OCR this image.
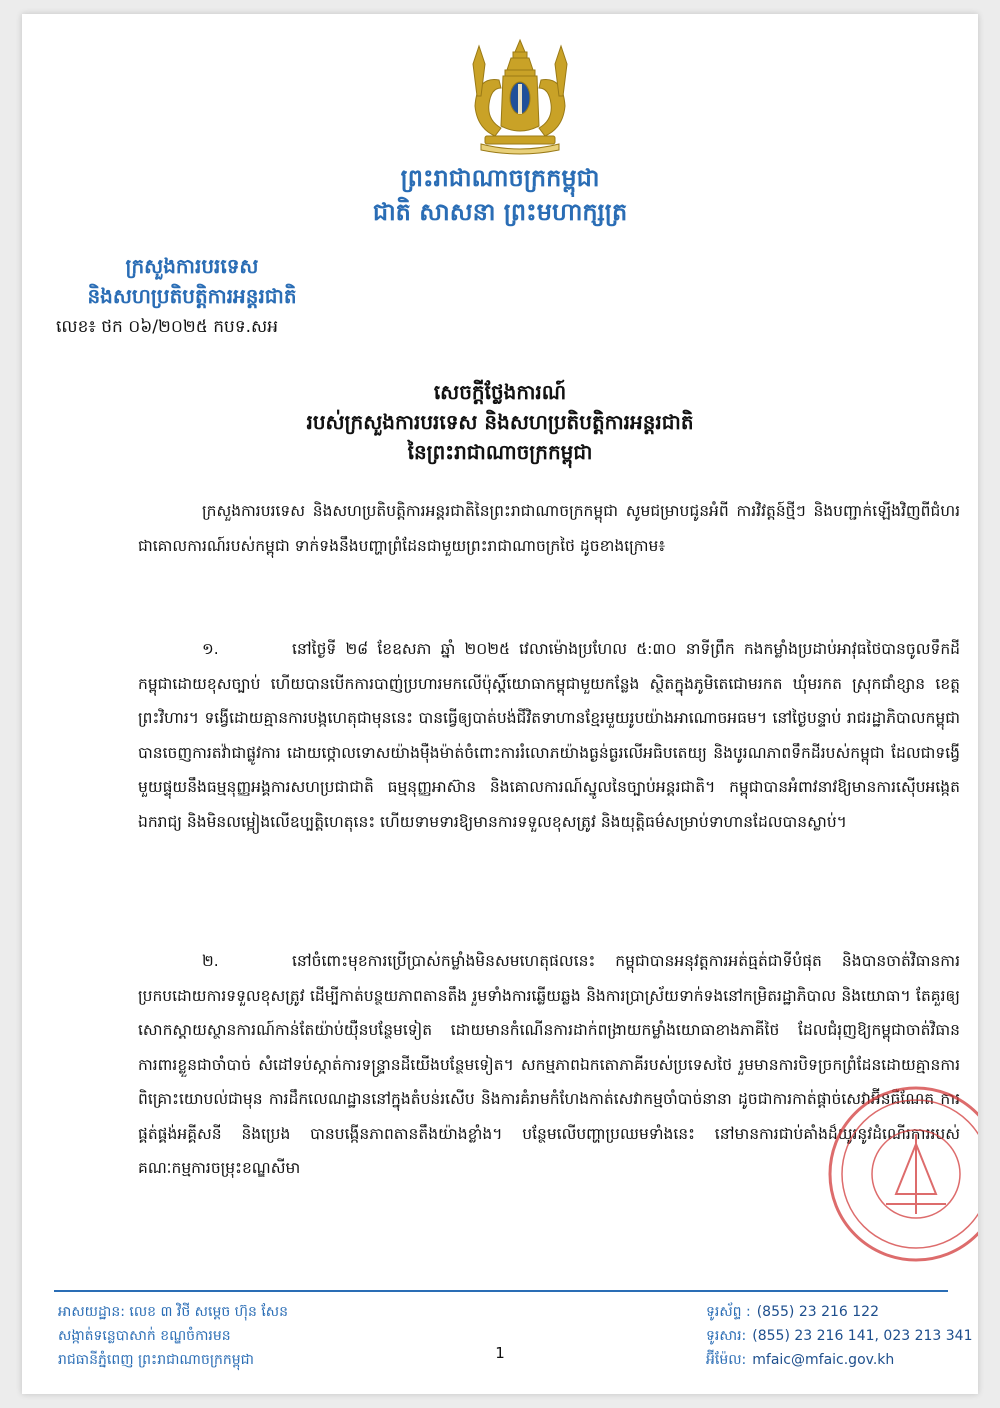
ព្រះរាជាណាចក្រកម្ពុជា
ជាតិ សាសនា ព្រះមហាក្សត្រ
ក្រសួងការបរទេស
និងសហប្រតិបត្តិការអន្តរជាតិ
លេខ៖ ថក ០៦/២០២៥ កបទ.សអ
សេចក្តីថ្លែងការណ៍
របស់ក្រសួងការបរទេស និងសហប្រតិបត្តិការអន្តរជាតិ
នៃព្រះរាជាណាចក្រកម្ពុជា

ក្រសួងការបរទេស និងសហប្រតិបត្តិការអន្តរជាតិនៃព្រះរាជាណាចក្រកម្ពុជា សូមជម្រាបជូនអំពី ការវិវត្តន៍ថ្មីៗ និងបញ្ជាក់ឡើងវិញពីជំហរជាគោលការណ៍របស់កម្ពុជា ទាក់ទងនឹងបញ្ហាព្រំដែនជាមួយព្រះរាជាណាចក្រថៃ ដូចខាងក្រោម៖

១.	នៅថ្ងៃទី ២៨ ខែឧសភា ឆ្នាំ ២០២៥ វេលាម៉ោងប្រហែល ៥:៣០ នាទីព្រឹក កងកម្លាំងប្រដាប់អាវុធថៃបានចូលទឹកដីកម្ពុជាដោយខុសច្បាប់ ហើយបានបើកការបាញ់ប្រហារមកលើប៉ុស្តិ៍យោធាកម្ពុជាមួយកន្លែង ស្ថិតក្នុងភូមិតេជោមរកត ឃុំមរកត ស្រុកជាំខ្សាន ខេត្តព្រះវិហារ។ ទង្វើដោយគ្មានការបង្កហេតុជាមុននេះ បានធ្វើឲ្យបាត់បង់ជីវិតទាហានខ្មែរមួយរូបយ៉ាងអាណោចអធម។ នៅថ្ងៃបន្ទាប់ រាជរដ្ឋាភិបាលកម្ពុជាបានចេញការតវ៉ាជាផ្លូវការ ដោយថ្កោលទោសយ៉ាងម៉ឺងម៉ាត់ចំពោះការរំលោភយ៉ាងធ្ងន់ធ្ងរលើអធិបតេយ្យ និងបូរណភាពទឹកដីរបស់កម្ពុជា ដែលជាទង្វើមួយផ្ទុយនឹងធម្មនុញ្ញអង្គការសហប្រជាជាតិ ធម្មនុញ្ញអាស៊ាន និងគោលការណ៍ស្នូលនៃច្បាប់អន្តរជាតិ។ កម្ពុជាបានអំពាវនាវឱ្យមានការស៊ើបអង្កេតឯករាជ្យ និងមិនលម្អៀងលើឧប្បត្តិហេតុនេះ ហើយទាមទារឱ្យមានការទទួលខុសត្រូវ និងយុត្តិធម៌សម្រាប់ទាហានដែលបានស្លាប់។

២.	នៅចំពោះមុខការប្រើប្រាស់កម្លាំងមិនសមហេតុផលនេះ កម្ពុជាបានអនុវត្តការអត់ធ្មត់ជាទីបំផុត និងបានចាត់វិធានការប្រកបដោយការទទួលខុសត្រូវ ដើម្បីកាត់បន្ថយភាពតានតឹង រួមទាំងការឆ្លើយឆ្លង និងការប្រាស្រ័យទាក់ទងនៅកម្រិតរដ្ឋាភិបាល និងយោធា។ តែគួរឲ្យសោកស្តាយស្ថានការណ៍កាន់តែយ៉ាប់យ៉ឺនបន្ថែមទៀត ដោយមានកំណើនការដាក់ពង្រាយកម្លាំងយោធាខាងភាគីថៃ ដែលជំរុញឱ្យកម្ពុជាចាត់វិធានការពារខ្លួនជាចាំបាច់ សំដៅទប់ស្កាត់ការទន្ទ្រានដីយើងបន្ថែមទៀត។ សកម្មភាពឯកតោភាគីរបស់ប្រទេសថៃ រួមមានការបិទច្រកព្រំដែនដោយគ្មានការពិគ្រោះយោបល់ជាមុន ការដឹកលេណដ្ឋាននៅក្នុងតំបន់រសើប និងការគំរាមកំហែងកាត់សេវាកម្មចាំបាច់នានា ដូចជាការកាត់ផ្តាច់សេវាអ៊ីនធឺណែត ការផ្គត់ផ្គង់អគ្គីសនី និងប្រេង បានបង្កើនភាពតានតឹងយ៉ាងខ្លាំង។ បន្ថែមលើបញ្ហាប្រឈមទាំងនេះ នៅមានការជាប់គាំងដ៏យូរនូវដំណើរការរបស់គណៈកម្មការចម្រុះខណ្ឌសីមា

*
អាសយដ្ឋាន: លេខ ៣ វិថី សម្តេច ហ៊ុន សែន
សង្កាត់ទន្លេបាសាក់ ខណ្ឌចំការមន
រាជធានីភ្នំពេញ ព្រះរាជាណាចក្រកម្ពុជា	1
ទូរស័ព្ទ : (855) 23 216 122
ទូរសារ: (855) 23 216 141, 023 213 341
អ៊ីម៉ែល: mfaic@mfaic.gov.kh
